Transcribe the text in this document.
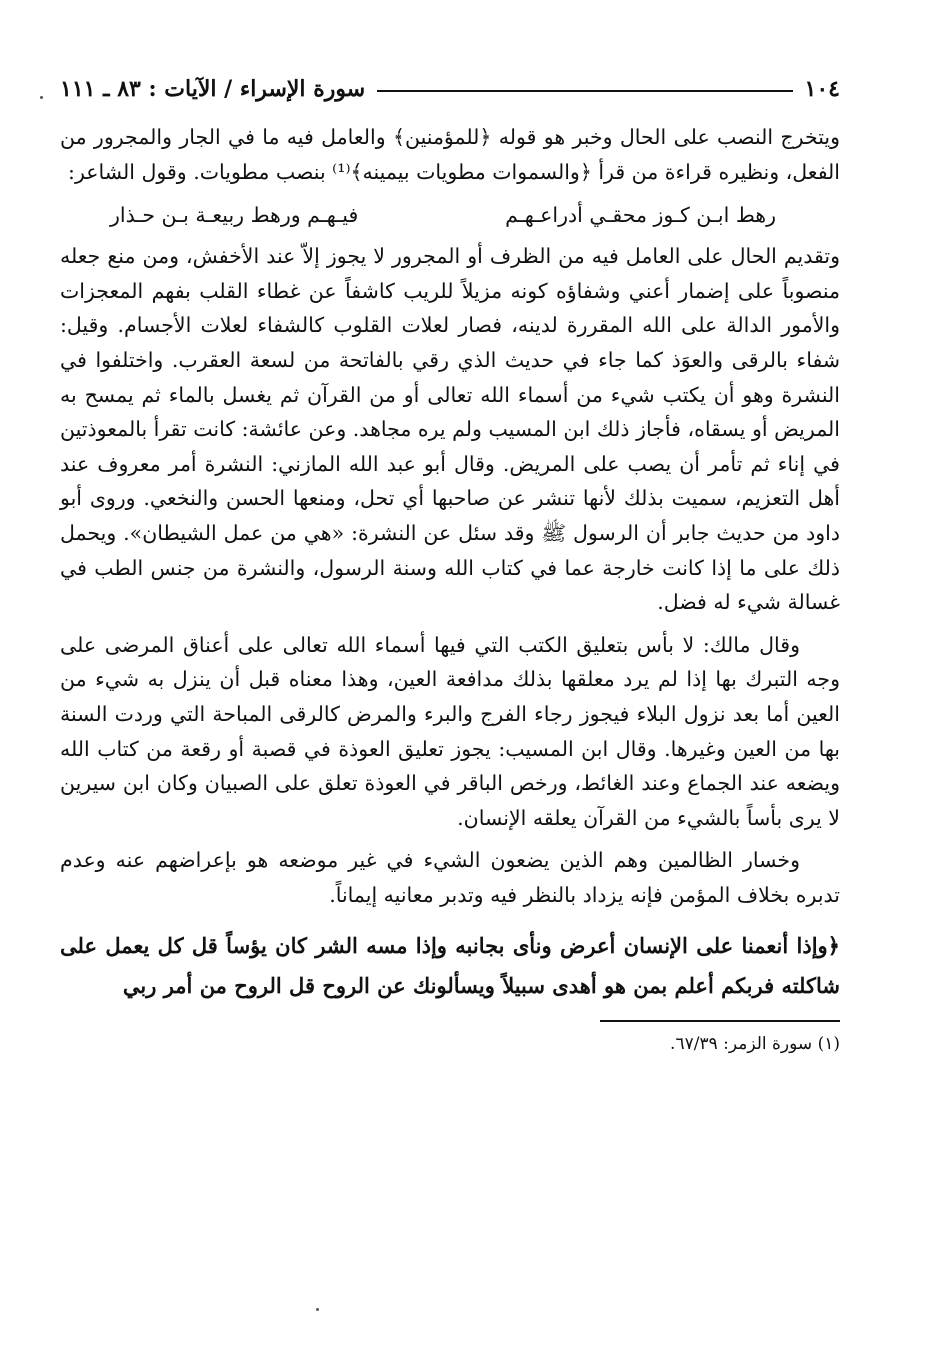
١٠٤
سورة الإسراء / الآيات : ٨٣ ـ ١١١

ويتخرج النصب على الحال وخبر هو قوله ﴿للمؤمنين﴾ والعامل فيه ما في الجار والمجرور من الفعل، ونظيره قراءة من قرأ ﴿والسموات مطويات بيمينه﴾⁽¹⁾ بنصب مطويات. وقول الشاعر:

رهط ابـن كـوز محقـي أدراعـهـم
فيـهـم ورهط ربيعـة بـن حـذار

وتقديم الحال على العامل فيه من الظرف أو المجرور لا يجوز إلاّ عند الأخفش، ومن منع جعله منصوباً على إضمار أعني وشفاؤه كونه مزيلاً للريب كاشفاً عن غطاء القلب بفهم المعجزات والأمور الدالة على الله المقررة لدينه، فصار لعلات القلوب كالشفاء لعلات الأجسام. وقيل: شفاء بالرقى والعوَذ كما جاء في حديث الذي رقي بالفاتحة من لسعة العقرب. واختلفوا في النشرة وهو أن يكتب شيء من أسماء الله تعالى أو من القرآن ثم يغسل بالماء ثم يمسح به المريض أو يسقاه، فأجاز ذلك ابن المسيب ولم يره مجاهد. وعن عائشة: كانت تقرأ بالمعوذتين في إناء ثم تأمر أن يصب على المريض. وقال أبو عبد الله المازني: النشرة أمر معروف عند أهل التعزيم، سميت بذلك لأنها تنشر عن صاحبها أي تحل، ومنعها الحسن والنخعي. وروى أبو داود من حديث جابر أن الرسول ﷺ وقد سئل عن النشرة: «هي من عمل الشيطان». ويحمل ذلك على ما إذا كانت خارجة عما في كتاب الله وسنة الرسول، والنشرة من جنس الطب في غسالة شيء له فضل.

وقال مالك: لا بأس بتعليق الكتب التي فيها أسماء الله تعالى على أعناق المرضى على وجه التبرك بها إذا لم يرد معلقها بذلك مدافعة العين، وهذا معناه قبل أن ينزل به شيء من العين أما بعد نزول البلاء فيجوز رجاء الفرج والبرء والمرض كالرقى المباحة التي وردت السنة بها من العين وغيرها. وقال ابن المسيب: يجوز تعليق العوذة في قصبة أو رقعة من كتاب الله ويضعه عند الجماع وعند الغائط، ورخص الباقر في العوذة تعلق على الصبيان وكان ابن سيرين لا يرى بأساً بالشيء من القرآن يعلقه الإنسان.

وخسار الظالمين وهم الذين يضعون الشيء في غير موضعه هو بإعراضهم عنه وعدم تدبره بخلاف المؤمن فإنه يزداد بالنظر فيه وتدبر معانيه إيماناً.

﴿وإذا أنعمنا على الإنسان أعرض ونأى بجانبه وإذا مسه الشر كان يؤساً قل كل يعمل على شاكلته فربكم أعلم بمن هو أهدى سبيلاً ويسألونك عن الروح قل الروح من أمر ربي
(١) سورة الزمر: ٦٧/٣٩.
